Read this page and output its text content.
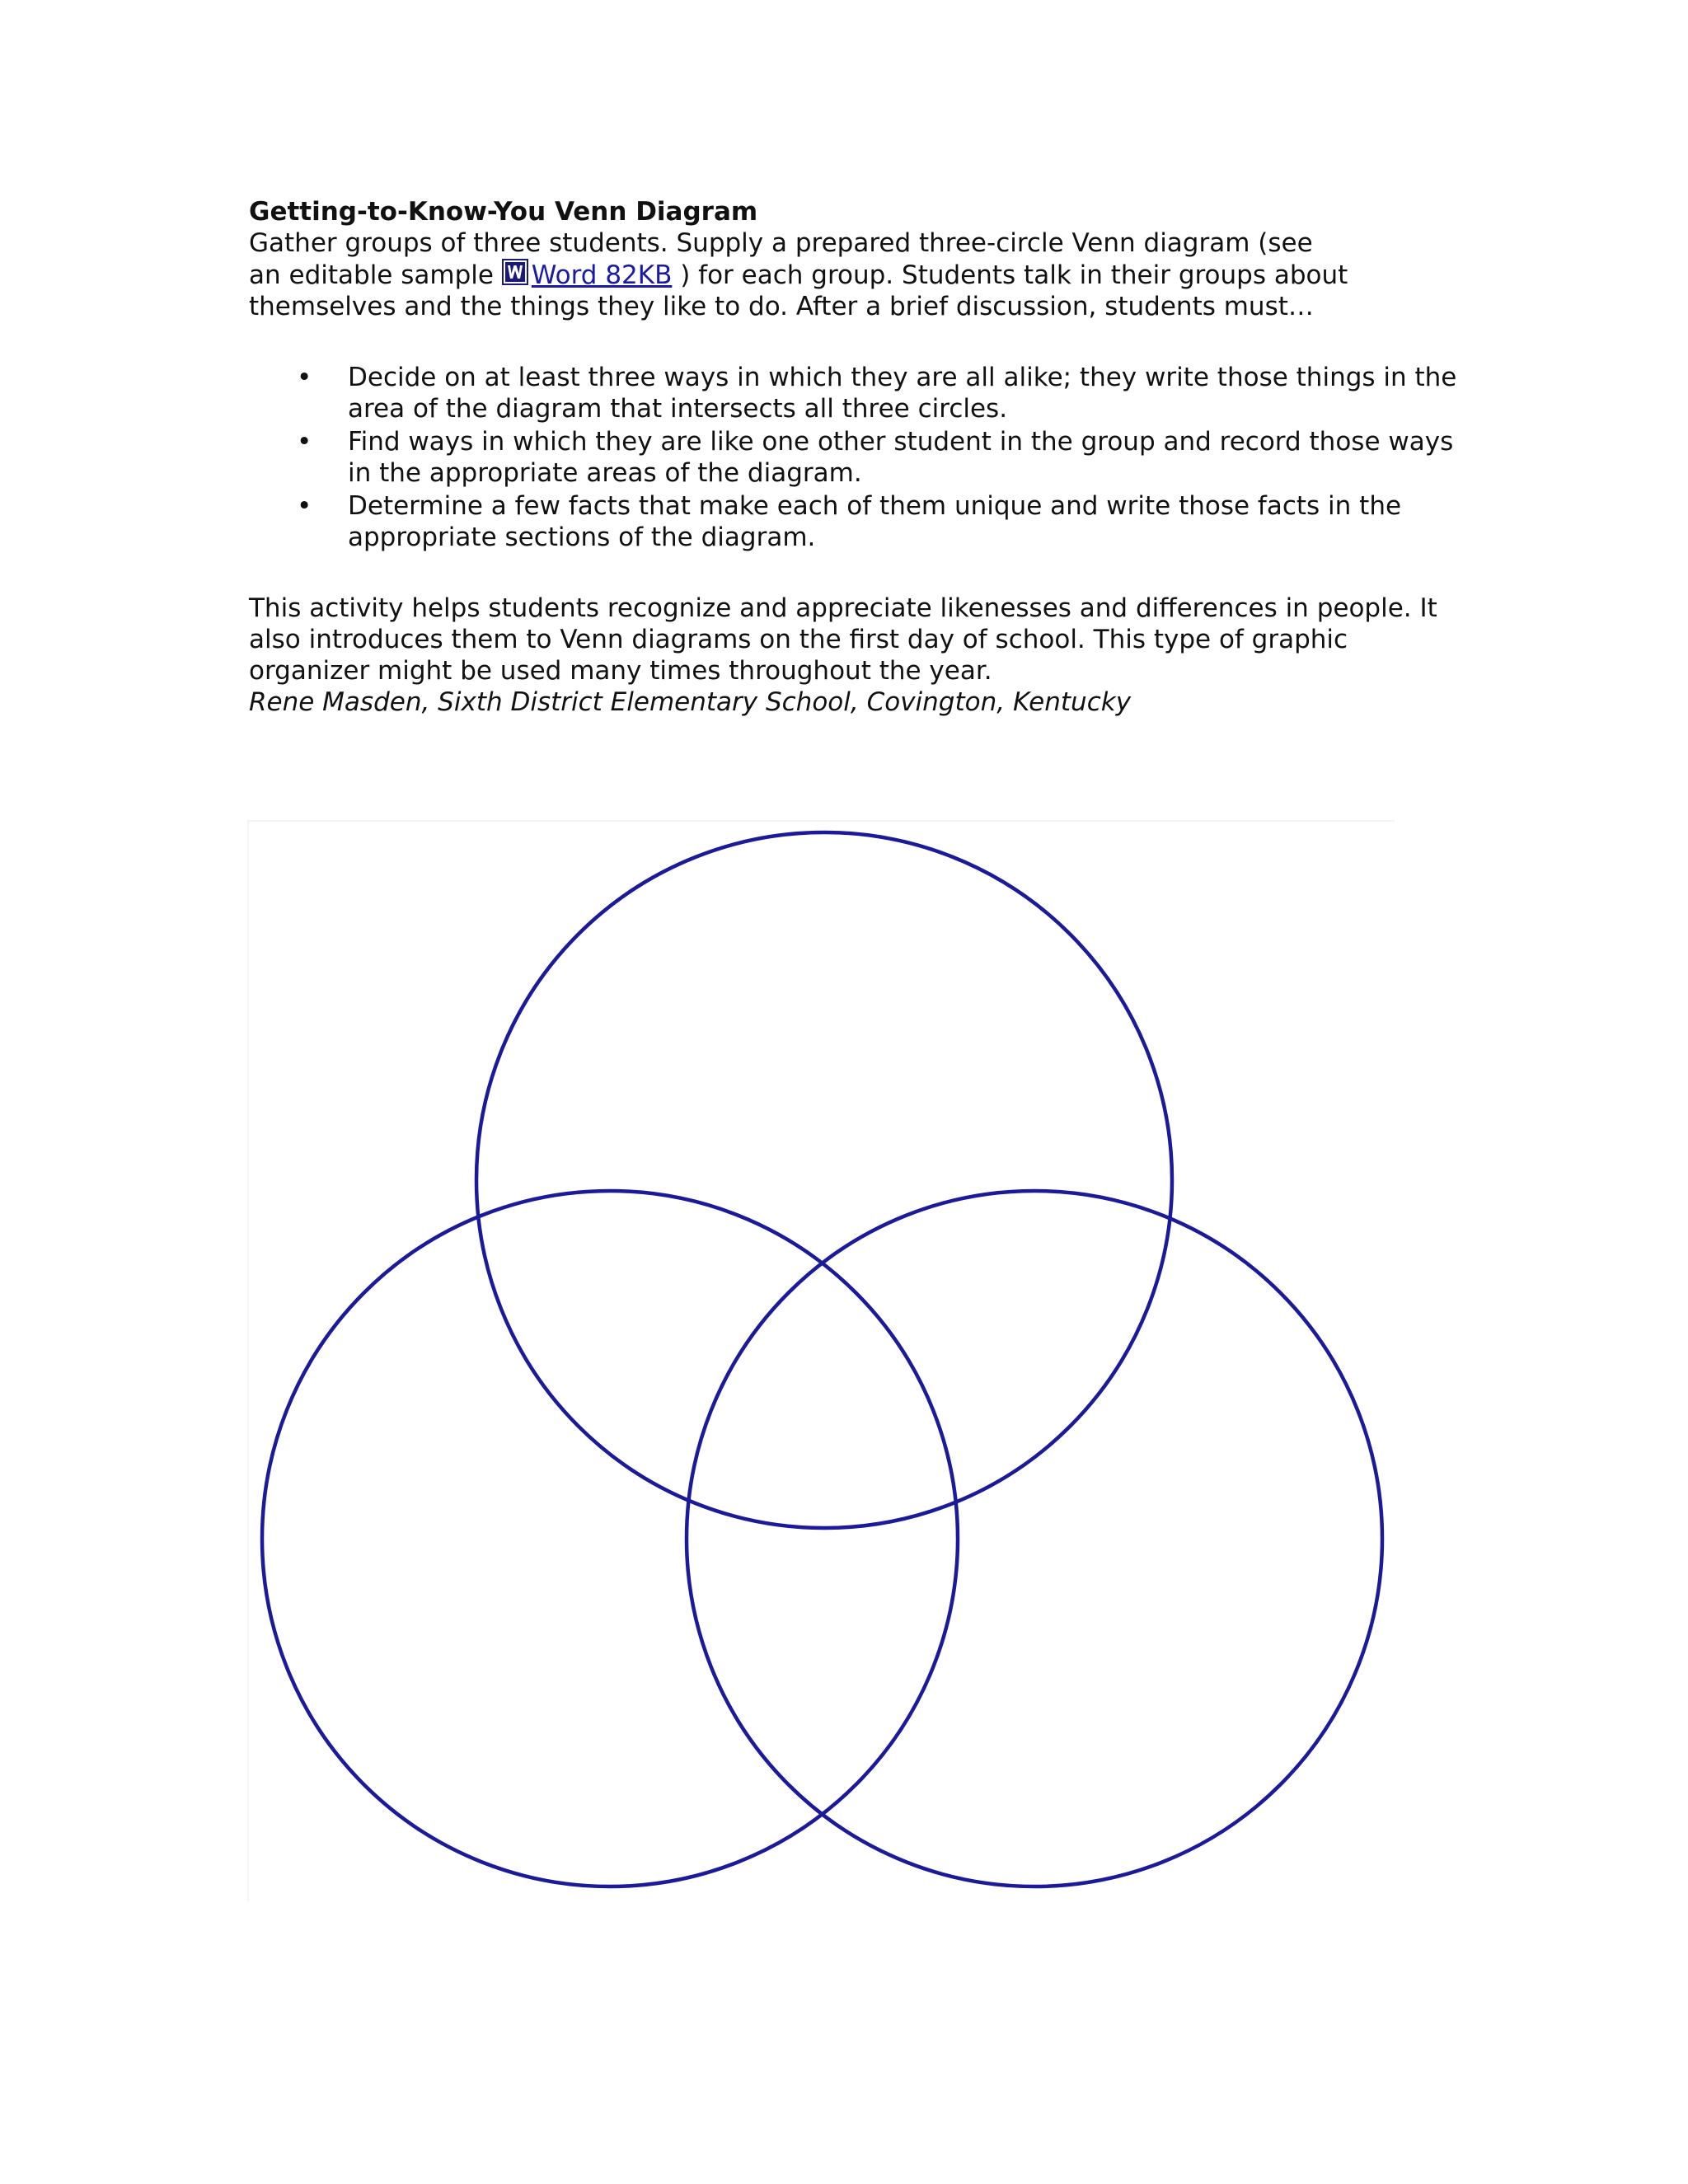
Getting-to-Know-You Venn Diagram

Gather groups of three students. Supply a prepared three-circle Venn diagram (see
an editable sample Word 82KB ) for each group. Students talk in their groups about
themselves and the things they like to do. After a brief discussion, students must…

• Decide on at least three ways in which they are all alike; they write those things in the
area of the diagram that intersects all three circles.
• Find ways in which they are like one other student in the group and record those ways
in the appropriate areas of the diagram.
• Determine a few facts that make each of them unique and write those facts in the
appropriate sections of the diagram.

This activity helps students recognize and appreciate likenesses and differences in people. It
also introduces them to Venn diagrams on the first day of school. This type of graphic
organizer might be used many times throughout the year.

Rene Masden, Sixth District Elementary School, Covington, Kentucky
